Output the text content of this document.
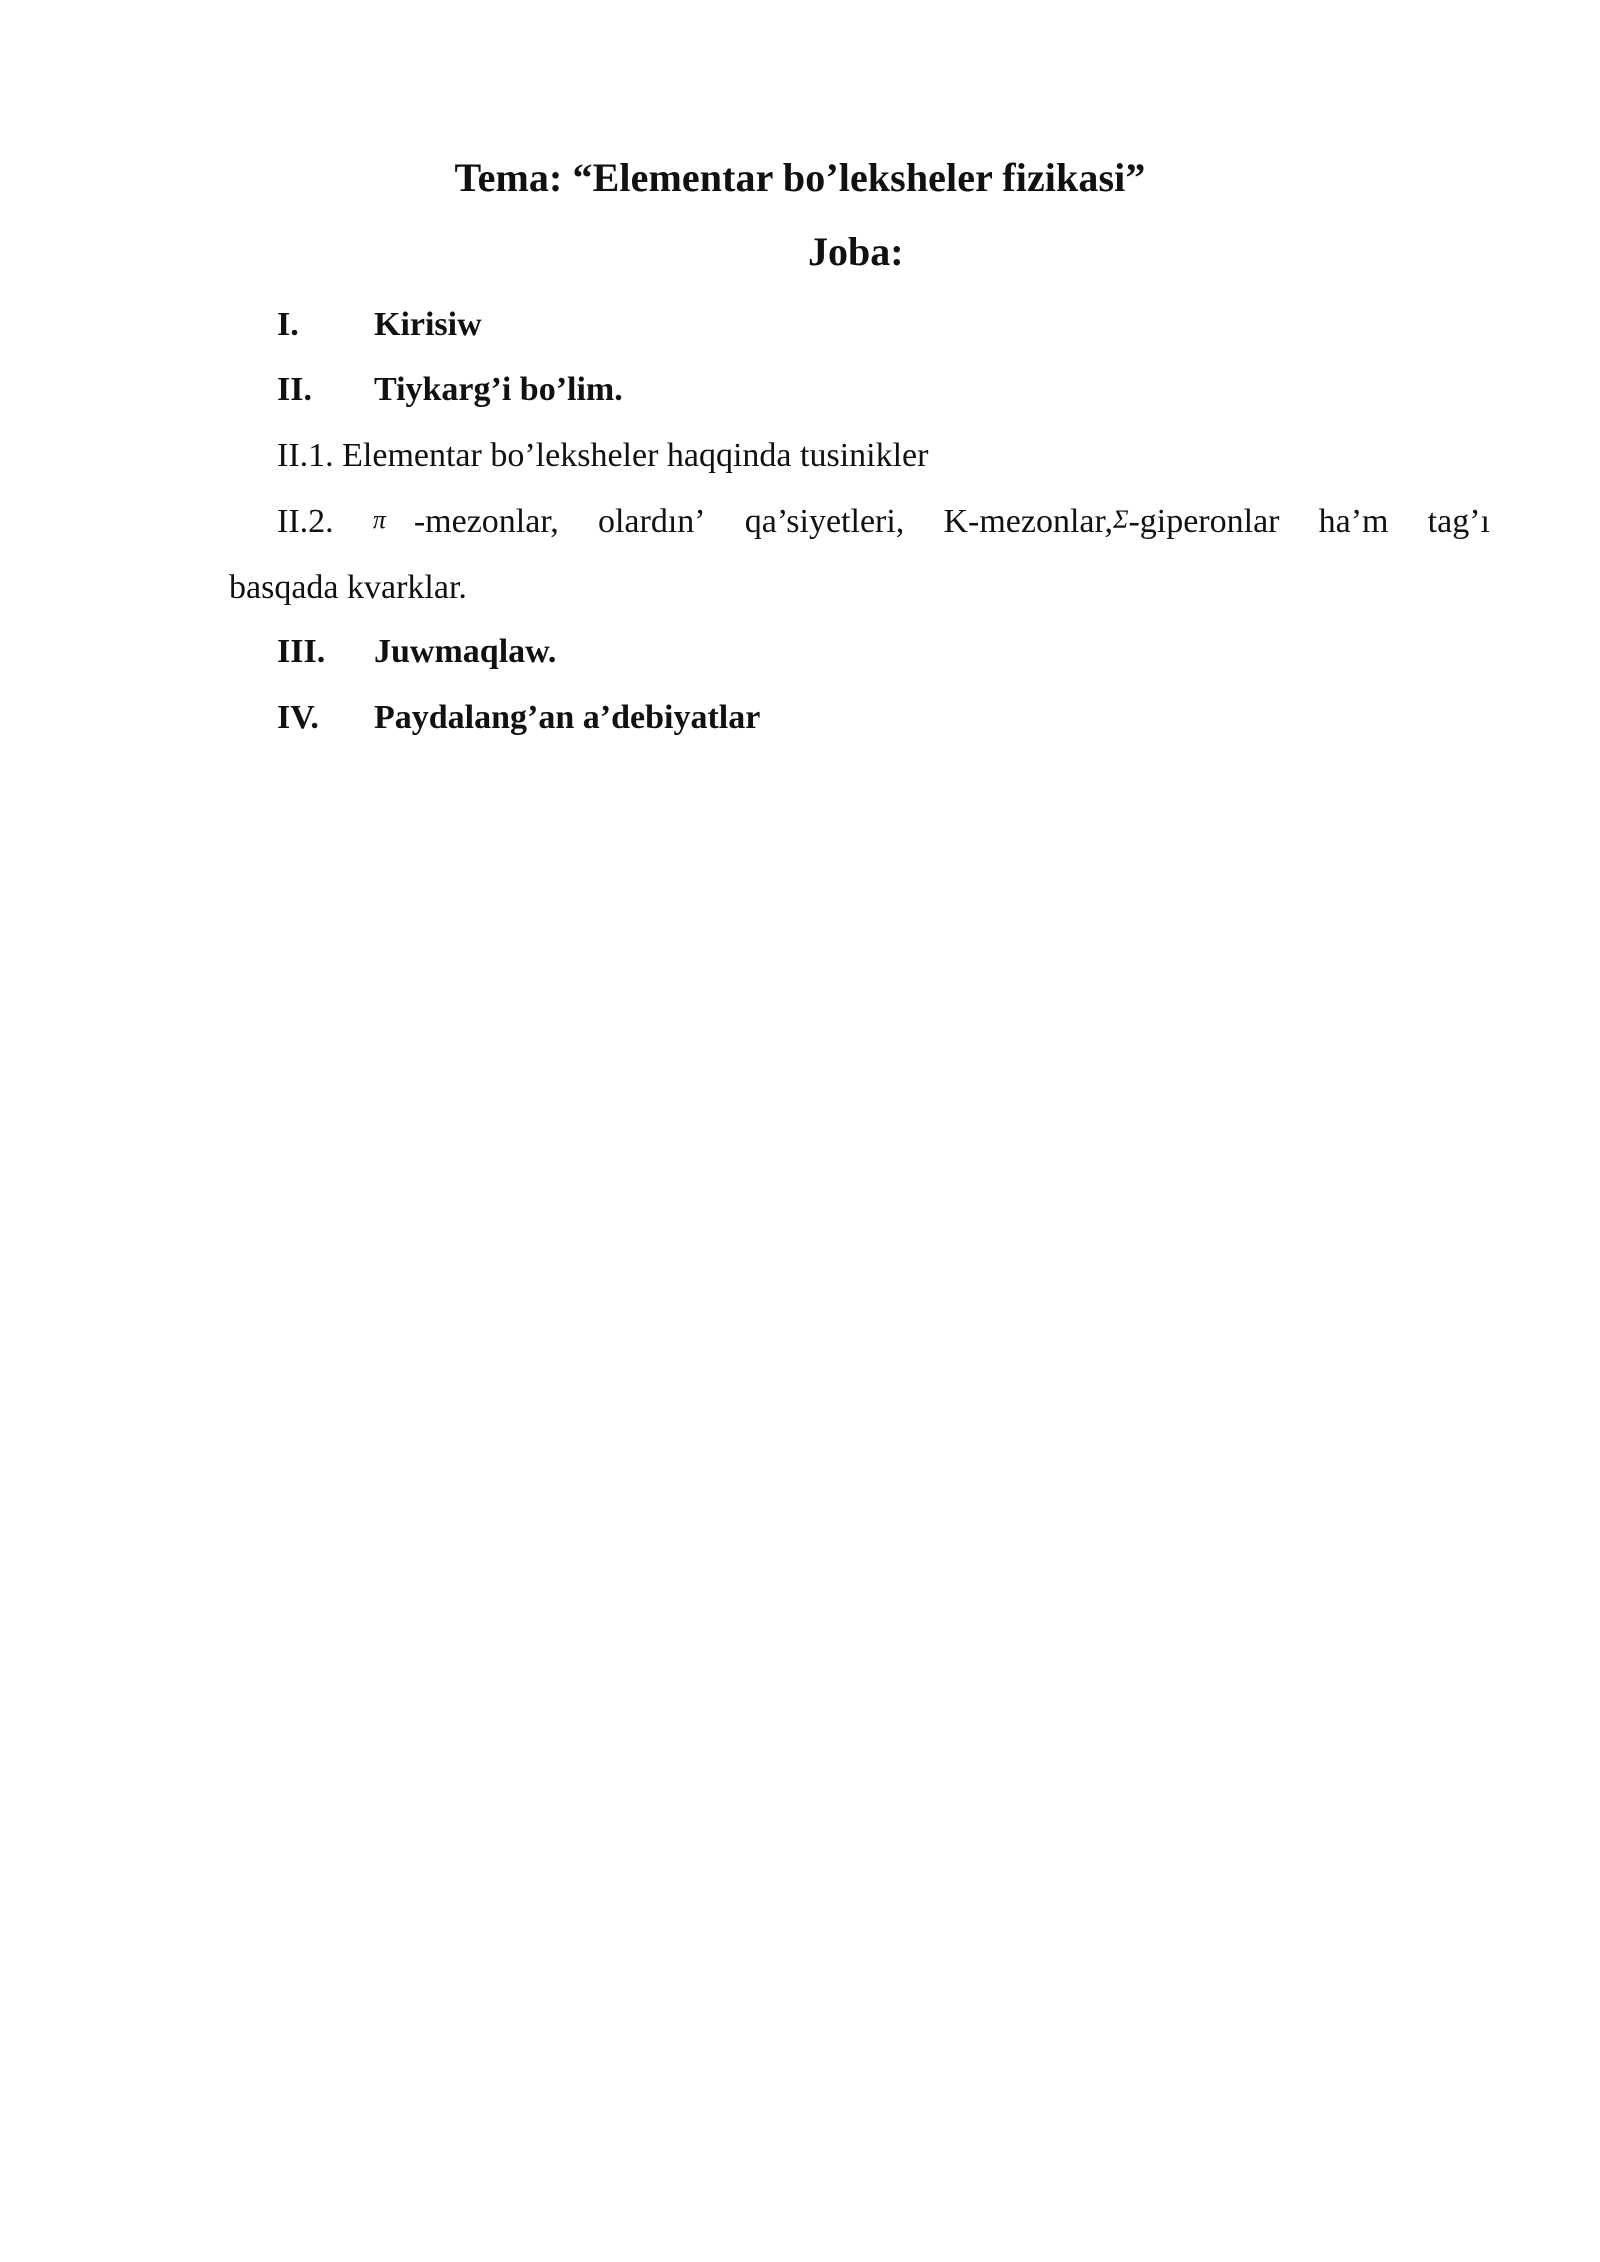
Tema: “Elementar bo’leksheler fizikasi”
Joba:
I. Kirisiw
II. Tiykarg’i bo’lim.
II.1. Elementar bo’leksheler haqqinda tusinikler
II.2. π -mezonlar, olardın’ qa’siyetleri, K-mezonlar, Σ -giperonlar ha’m tag’ı
basqada kvarklar.
III. Juwmaqlaw.
IV. Paydalang’an a’debiyatlar
